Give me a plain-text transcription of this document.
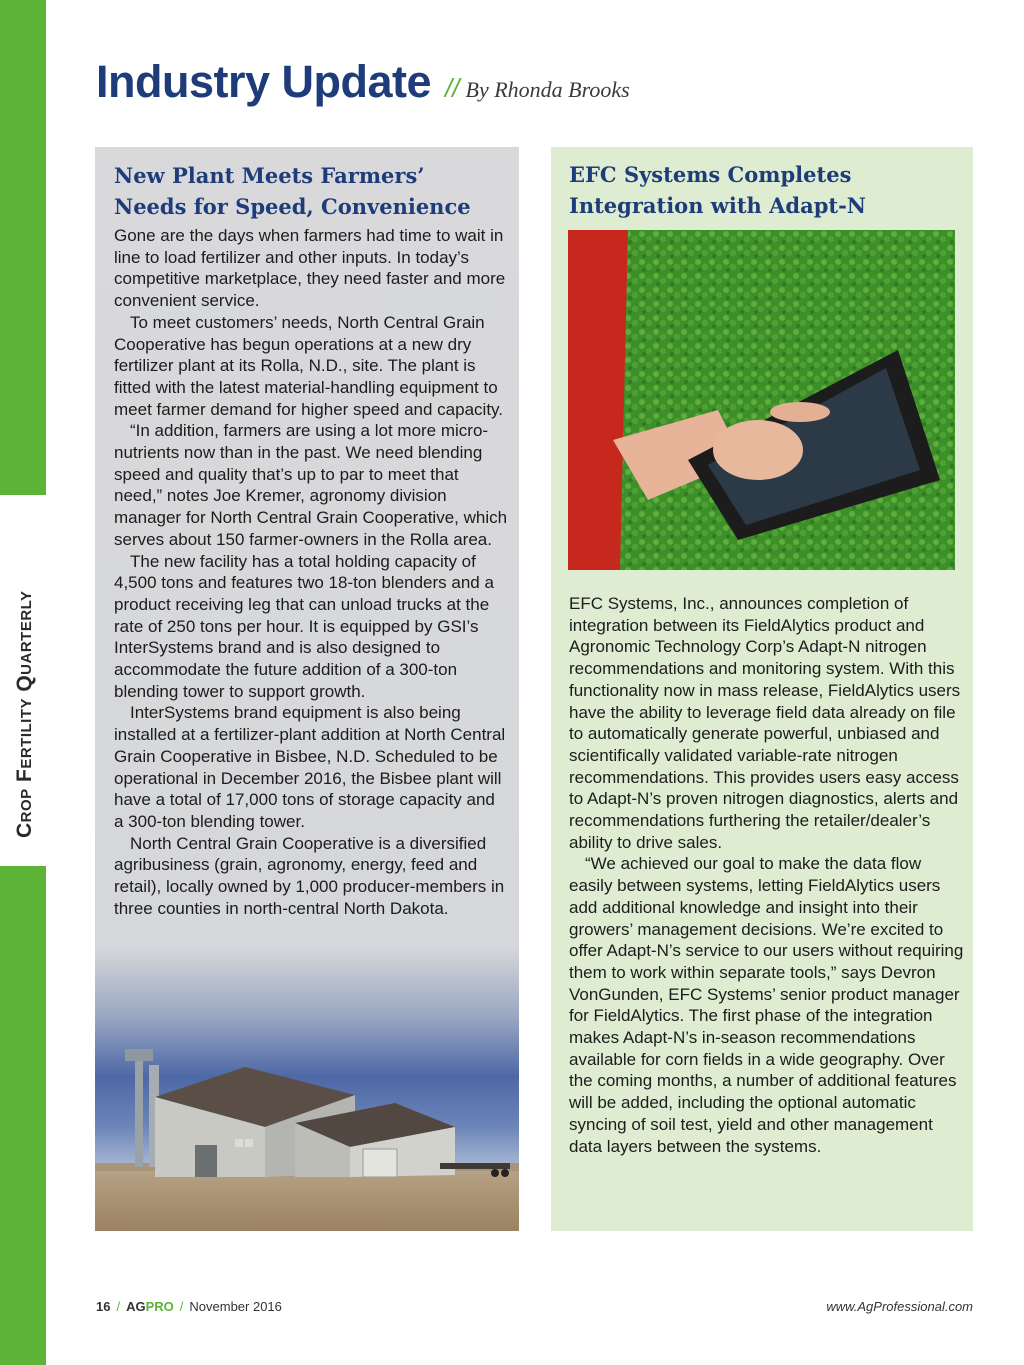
Crop Fertility Quarterly
Industry Update // By Rhonda Brooks
New Plant Meets Farmers’ Needs for Speed, Convenience

Gone are the days when farmers had time to wait in line to load fertilizer and other inputs. In today’s competitive marketplace, they need faster and more convenient service.

To meet customers’ needs, North Central Grain Cooperative has begun operations at a new dry fertilizer plant at its Rolla, N.D., site. The plant is fitted with the latest material-handling equipment to meet farmer demand for higher speed and capacity.

“In addition, farmers are using a lot more micro-nutrients now than in the past. We need blending speed and quality that’s up to par to meet that need,” notes Joe Kremer, agronomy division manager for North Central Grain Cooperative, which serves about 150 farmer-owners in the Rolla area.

The new facility has a total holding capacity of 4,500 tons and features two 18-ton blenders and a product receiving leg that can unload trucks at the rate of 250 tons per hour. It is equipped by GSI’s InterSystems brand and is also designed to accommodate the future addition of a 300-ton blending tower to support growth.

InterSystems brand equipment is also being installed at a fertilizer-plant addition at North Central Grain Cooperative in Bisbee, N.D. Scheduled to be operational in December 2016, the Bisbee plant will have a total of 17,000 tons of storage capacity and a 300-ton blending tower.

North Central Grain Cooperative is a diversified agribusiness (grain, agronomy, energy, feed and retail), locally owned by 1,000 producer-members in three counties in north-central North Dakota.

EFC Systems Completes Integration with Adapt-N

EFC Systems, Inc., announces completion of integration between its FieldAlytics product and Agronomic Technology Corp’s Adapt-N nitrogen recommendations and monitoring system. With this functionality now in mass release, FieldAlytics users have the ability to leverage field data already on file to automatically generate powerful, unbiased and scientifically validated variable-rate nitrogen recommendations. This provides users easy access to Adapt-N’s proven nitrogen diagnostics, alerts and recommendations furthering the retailer/dealer’s ability to drive sales.

“We achieved our goal to make the data flow easily between systems, letting FieldAlytics users add additional knowledge and insight into their growers’ management decisions. We’re excited to offer Adapt-N’s service to our users without requiring them to work within separate tools,” says Devron VonGunden, EFC Systems’ senior product manager for FieldAlytics. The first phase of the integration makes Adapt-N’s in-season recommendations available for corn fields in a wide geography. Over the coming months, a number of additional features will be added, including the optional automatic syncing of soil test, yield and other management data layers between the systems.

16 / AGPRO / November 2016	www.AgProfessional.com
